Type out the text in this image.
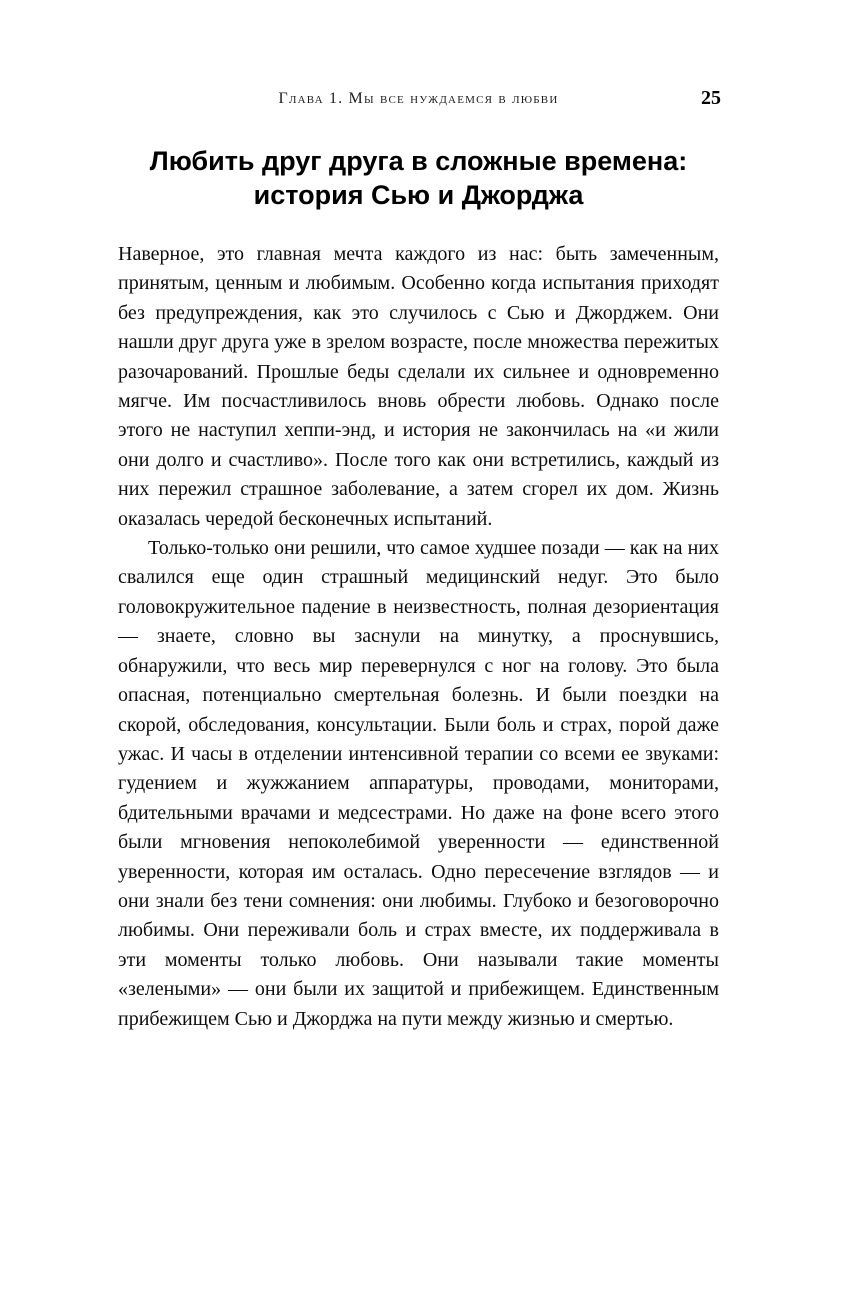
Глава 1. Мы все нуждаемся в любви	25
Любить друг друга в сложные времена:
история Сью и Джорджа

Наверное, это главная мечта каждого из нас: быть замеченным, принятым, ценным и любимым. Особенно когда испытания приходят без предупреждения, как это случилось с Сью и Джорджем. Они нашли друг друга уже в зрелом возрасте, после множества пережитых разочарований. Прошлые беды сделали их сильнее и одновременно мягче. Им посчастливилось вновь обрести любовь. Однако после этого не наступил хеппи-энд, и история не закончилась на «и жили они долго и счастливо». После того как они встретились, каждый из них пережил страшное заболевание, а затем сгорел их дом. Жизнь оказалась чередой бесконечных испытаний.

Только-только они решили, что самое худшее позади — как на них свалился еще один страшный медицинский недуг. Это было головокружительное падение в неизвестность, полная дезориентация — знаете, словно вы заснули на минутку, а проснувшись, обнаружили, что весь мир перевернулся с ног на голову. Это была опасная, потенциально смертельная болезнь. И были поездки на скорой, обследования, консультации. Были боль и страх, порой даже ужас. И часы в отделении интенсивной терапии со всеми ее звуками: гудением и жужжанием аппаратуры, проводами, мониторами, бдительными врачами и медсестрами. Но даже на фоне всего этого были мгновения непоколебимой уверенности — единственной уверенности, которая им осталась. Одно пересечение взглядов — и они знали без тени сомнения: они любимы. Глубоко и безоговорочно любимы. Они переживали боль и страх вместе, их поддерживала в эти моменты только любовь. Они называли такие моменты «зелеными» — они были их защитой и прибежищем. Единственным прибежищем Сью и Джорджа на пути между жизнью и смертью.
